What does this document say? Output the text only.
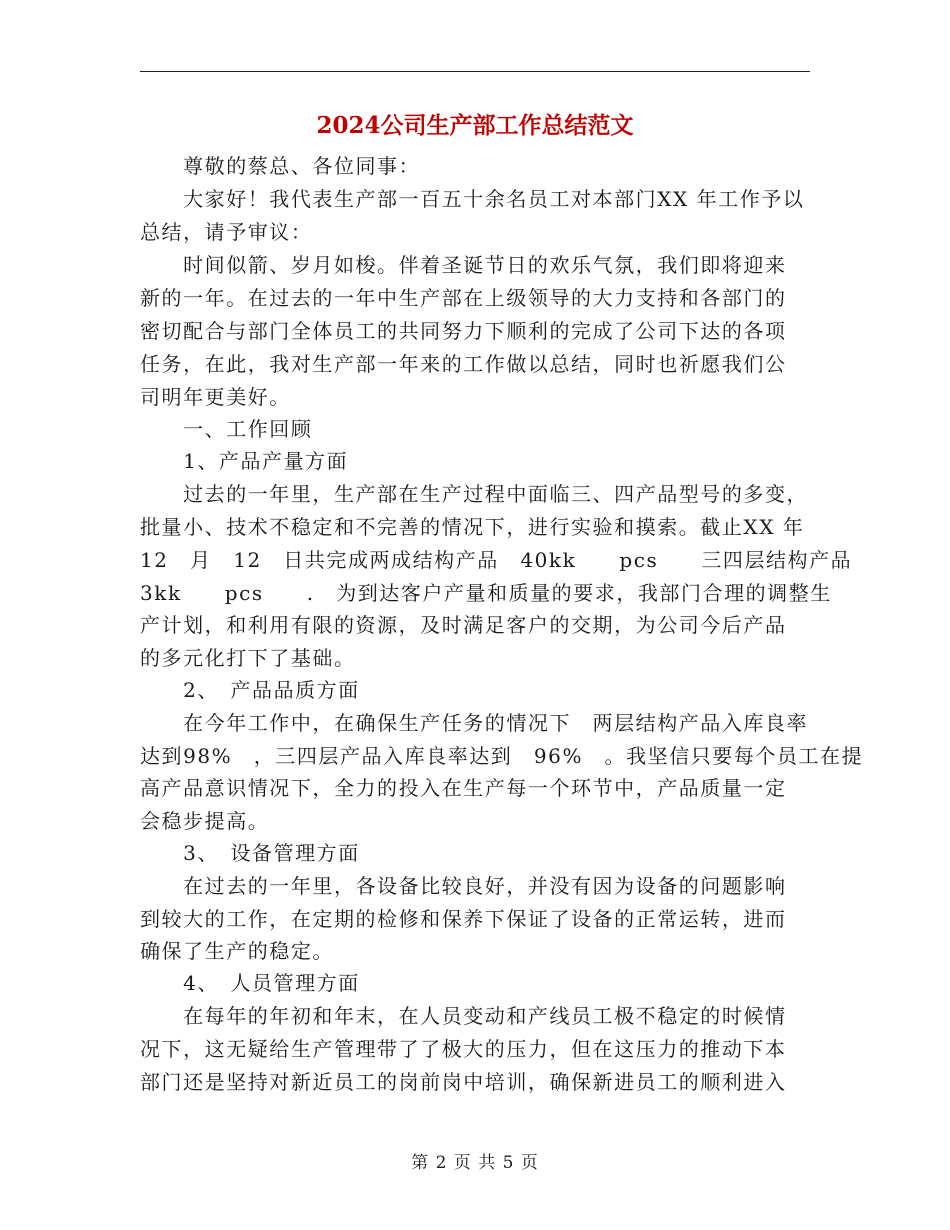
2024公司生产部工作总结范文
　　尊敬的蔡总、各位同事：
　　大家好！我代表生产部一百五十余名员工对本部门XX 年工作予以
总结，请予审议：
　　时间似箭、岁月如梭。伴着圣诞节日的欢乐气氛，我们即将迎来
新的一年。在过去的一年中生产部在上级领导的大力支持和各部门的
密切配合与部门全体员工的共同努力下顺利的完成了公司下达的各项
任务，在此，我对生产部一年来的工作做以总结，同时也祈愿我们公
司明年更美好。
　　一、工作回顾
　　1、产品产量方面
　　过去的一年里，生产部在生产过程中面临三、四产品型号的多变，
批量小、技术不稳定和不完善的情况下，进行实验和摸索。截止XX 年
12　月　12　日共完成两成结构产品　40kk　　pcs　　三四层结构产品
3kk　　pcs　　.　为到达客户产量和质量的要求，我部门合理的调整生
产计划，和利用有限的资源，及时满足客户的交期，为公司今后产品
的多元化打下了基础。
　　2、　产品品质方面
　　在今年工作中，在确保生产任务的情况下　两层结构产品入库良率
达到98%　，三四层产品入库良率达到　96%　。我坚信只要每个员工在提
高产品意识情况下，全力的投入在生产每一个环节中，产品质量一定
会稳步提高。
　　3、　设备管理方面
　　在过去的一年里，各设备比较良好，并没有因为设备的问题影响
到较大的工作，在定期的检修和保养下保证了设备的正常运转，进而
确保了生产的稳定。
　　4、　人员管理方面
　　在每年的年初和年末，在人员变动和产线员工极不稳定的时候情
况下，这无疑给生产管理带了了极大的压力，但在这压力的推动下本
部门还是坚持对新近员工的岗前岗中培训，确保新进员工的顺利进入
第 2 页 共 5 页
